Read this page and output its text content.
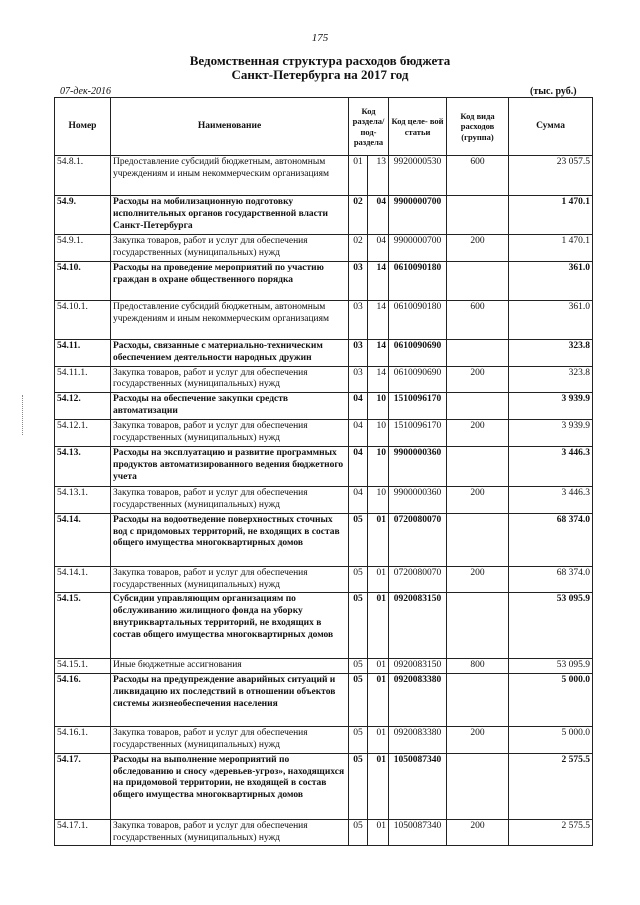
175
Ведомственная структура расходов бюджета
Санкт-Петербурга на 2017 год
07-дек-2016	(тыс. руб.)
Номер	Наименование	Код раздела/ под- раздела		Код целе- вой статьи	Код вида расходов (группа)	Сумма
54.8.1.	Предоставление субсидий бюджетным, автономным учреждениям и иным некоммерческим организациям	01	13	9920000530	600	23 057.5
54.9.	Расходы на мобилизационную подготовку исполнительных органов государственной власти Санкт-Петербурга	02	04	9900000700		1 470.1
54.9.1.	Закупка товаров, работ и услуг для обеспечения государственных (муниципальных) нужд	02	04	9900000700	200	1 470.1
54.10.	Расходы на проведение мероприятий по участию граждан в охране общественного порядка	03	14	0610090180		361.0
54.10.1.	Предоставление субсидий бюджетным, автономным учреждениям и иным некоммерческим организациям	03	14	0610090180	600	361.0
54.11.	Расходы, связанные с материально-техническим обеспечением деятельности народных дружин	03	14	0610090690		323.8
54.11.1.	Закупка товаров, работ и услуг для обеспечения государственных (муниципальных) нужд	03	14	0610090690	200	323.8
54.12.	Расходы на обеспечение закупки средств автоматизации	04	10	1510096170		3 939.9
54.12.1.	Закупка товаров, работ и услуг для обеспечения государственных (муниципальных) нужд	04	10	1510096170	200	3 939.9
54.13.	Расходы на эксплуатацию и развитие программных продуктов автоматизированного ведения бюджетного учета	04	10	9900000360		3 446.3
54.13.1.	Закупка товаров, работ и услуг для обеспечения государственных (муниципальных) нужд	04	10	9900000360	200	3 446.3
54.14.	Расходы на водоотведение поверхностных сточных вод с придомовых территорий, не входящих в состав общего имущества многоквартирных домов	05	01	0720080070		68 374.0
54.14.1.	Закупка товаров, работ и услуг для обеспечения государственных (муниципальных) нужд	05	01	0720080070	200	68 374.0
54.15.	Субсидии управляющим организациям по обслуживанию жилищного фонда на уборку внутриквартальных территорий, не входящих в состав общего имущества многоквартирных домов	05	01	0920083150		53 095.9
54.15.1.	Иные бюджетные ассигнования	05	01	0920083150	800	53 095.9
54.16.	Расходы на предупреждение аварийных ситуаций и ликвидацию их последствий в отношении объектов системы жизнеобеспечения населения	05	01	0920083380		5 000.0
54.16.1.	Закупка товаров, работ и услуг для обеспечения государственных (муниципальных) нужд	05	01	0920083380	200	5 000.0
54.17.	Расходы на выполнение мероприятий по обследованию и сносу «деревьев-угроз», находящихся на придомовой территории, не входящей в состав общего имущества многоквартирных домов	05	01	1050087340		2 575.5
54.17.1.	Закупка товаров, работ и услуг для обеспечения государственных (муниципальных) нужд	05	01	1050087340	200	2 575.5
